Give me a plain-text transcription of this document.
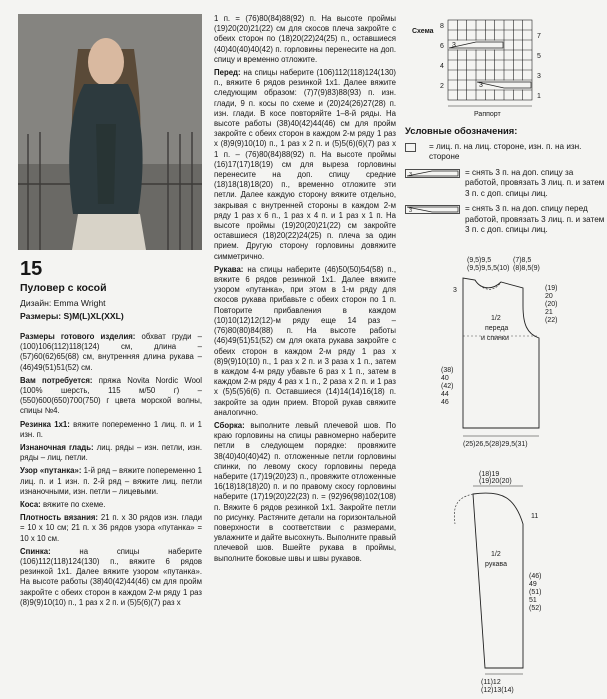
15
Пуловер с косой
Дизайн: Emma Wright
Размеры: S)M(L)XL(XXL)

Размеры готового изделия: обхват груди – (100)106(112)118(124) см, длина – (57)60(62)65(68) см, внутренняя длина рукава – (46)49(51)51(52) см.

Вам потребуется: пряжа Novita Nordic Wool (100% шерсть, 115 м/50 г) – (550)600(650)700(750) г цвета морской волны, спицы №4.

Резинка 1х1: вяжите попеременно 1 лиц. п. и 1 изн. п.

Изнаночная гладь: лиц. ряды – изн. петли, изн. ряды – лиц. петли.

Узор «путанка»: 1-й ряд – вяжите попеременно 1 лиц. п. и 1 изн. п. 2-й ряд – вяжите лиц. петли изнаночными, изн. петли – лицевыми.

Коса: вяжите по схеме.

Плотность вязания: 21 п. х 30 рядов изн. глади = 10 х 10 см; 21 п. х 36 рядов узора «путанка» = 10 х 10 см.

Спинка: на спицы наберите (106)112(118)124(130) п., вяжите 6 рядов резинкой 1х1. Далее вяжите узором «путанка». На высоте работы (38)40(42)44(46) см для пройм закройте с обеих сторон в каждом 2-м ряду 1 раз (8)9(9)10(10) п., 1 раз х 2 п. и (5)5(6)(7) раз х

1 п. = (76)80(84)88(92) п. На высоте проймы (19)20(20)21(22) см для скосов плеча закройте с обеих сторон по (18)20(22)24(25) п., оставшиеся (40)40(40)40(42) п. горловины перенесите на доп. спицу и временно отложите.

Перед: на спицы наберите (106)112(118)124(130) п., вяжите 6 рядов резинкой 1х1. Далее вяжите следующим образом: (7)7(9)83)88(93) п. изн. глади, 9 п. косы по схеме и (20)24(26)27(28) п. изн. глади. В косе повторяйте 1–8-й ряды. На высоте работы (38)40(42)44(46) см для пройм закройте с обеих сторон в каждом 2-м ряду 1 раз х (8)9(9)10(10) п., 1 раз х 2 п. и (5)5(6)(6)(7) раз х 1 п. – (76)80(84)88(92) п. На высоте проймы (16)17(17)18(19) см для выреза горловины перенесите на доп. спицу средние (18)18(18)18(20) п., временно отложите эти петли. Далее каждую сторону вяжите отдельно, закрывая с внутренней стороны в каждом 2-м ряду 1 раз х 6 п., 1 раз х 4 п. и 1 раз х 1 п. На высоте проймы (19)20(20)21(22) см закройте оставшиеся (18)20(22)24(25) п. плеча за один прием. Другую сторону горловины довяжите симметрично.

Рукава: на спицы наберите (46)50(50)54(58) п., вяжите 6 рядов резинкой 1х1. Далее вяжите узором «путанка», при этом в 1-м ряду для скосов рукава прибавьте с обеих сторон по 1 п. Повторите прибавления в каждом (10)10(12)12(12)-м ряду еще 14 раз – (76)80(80)84(88) п. На высоте работы (46)49(51)51(52) см для оката рукава закройте с обеих сторон в каждом 2-м ряду 1 раз х (8)9(9)10(10) п., 1 раз х 2 п. и 3 раза х 1 п., затем в каждом 4-м ряду убавьте 6 раз х 1 п., затем в каждом 2-м ряду 4 раз х 1 п., 2 раза х 2 п. и 1 раз х (5)5(5)6(6) п. Оставшиеся (14)14(14)16(18) п. закройте за один прием. Второй рукав свяжите аналогично.

Сборка: выполните левый плечевой шов. По краю горловины на спицы равномерно наберите петли в следующем порядке: провяжите 38(40)40(40)42) п. отложенные петли горловины спинки, по левому скосу горловины переда наберите (17)19(20)23) п., провяжите отложенные 16(18)18(18)20) п. и по правому скосу горловины наберите (17)19(20)22(23) п. = (92)96(98)102(108) п. Вяжите 6 рядов резинкой 1х1. Закройте петли по рисунку. Растяните детали на горизонтальной поверхности в соответствии с размерами, увлажните и дайте высохнуть. Выполните правый плечевой шов. Вшейте рукава в проймы, выполните боковые швы и швы рукавов.

Схема
3
3
8
7
6
5
4
3
2
1
Раппорт
Условные обозначения:
= лиц. п. на лиц. стороне, изн. п. на изн. стороне
3	= снять 3 п. на доп. спицу за работой, провязать 3 лиц. п. и затем 3 п. с доп. спицы лиц.
3	= снять 3 п. на доп. спицу перед работой, провязать 3 лиц. п. и затем 3 п. с доп. спицы лиц.
(9,5)9,5
(9,5)9,5,5(10)
(7)8,5
(8)8,5(9)
3
1/2
переда
и спинки
(19)
20
(20)
21
(22)
(38)
40
(42)
44
46
(25)26,5(28)29,5(31)
(18)19
(19)20(20)
11
1/2
рукава
(46)
49
(51)
51
(52)
(11)12
(12)13(14)
